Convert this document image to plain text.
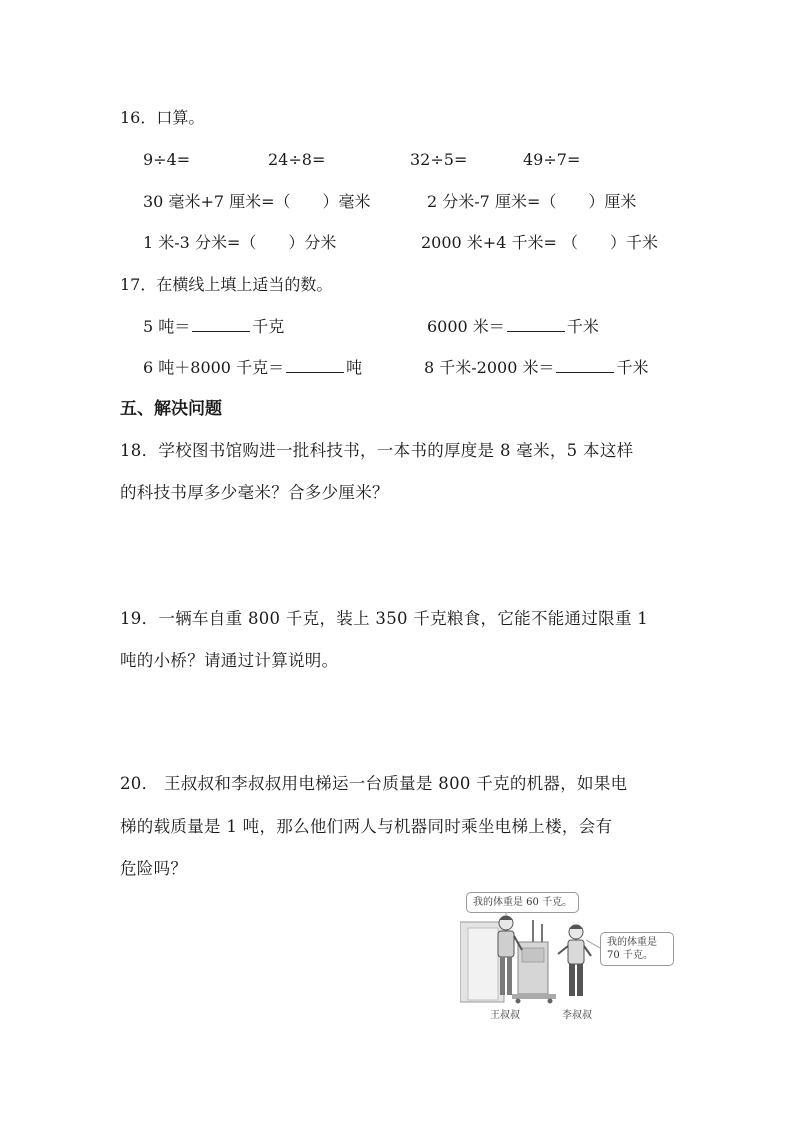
16．口算。
9÷4=	24÷8=	32÷5=	49÷7=
30 毫米+7 厘米=（　　）毫米	2 分米-7 厘米=（　　）厘米
1 米-3 分米=（　　）分米	2000 米+4 千米= （　　）千米
17．在横线上填上适当的数。
5 吨＝	千克	6000 米＝	千米
6 吨＋8000 千克＝	吨	8 千米-2000 米＝	千米
五、解决问题
18．学校图书馆购进一批科技书，一本书的厚度是 8 毫米，5 本这样
的科技书厚多少毫米？合多少厘米？
19．一辆车自重 800 千克，装上 350 千克粮食，它能不能通过限重 1
吨的小桥？请通过计算说明。
20． 王叔叔和李叔叔用电梯运一台质量是 800 千克的机器，如果电
梯的载质量是 1 吨，那么他们两人与机器同时乘坐电梯上楼，会有
危险吗？
我的体重是 60 千克。
我的体重是
70 千克。
王叔叔	李叔叔
